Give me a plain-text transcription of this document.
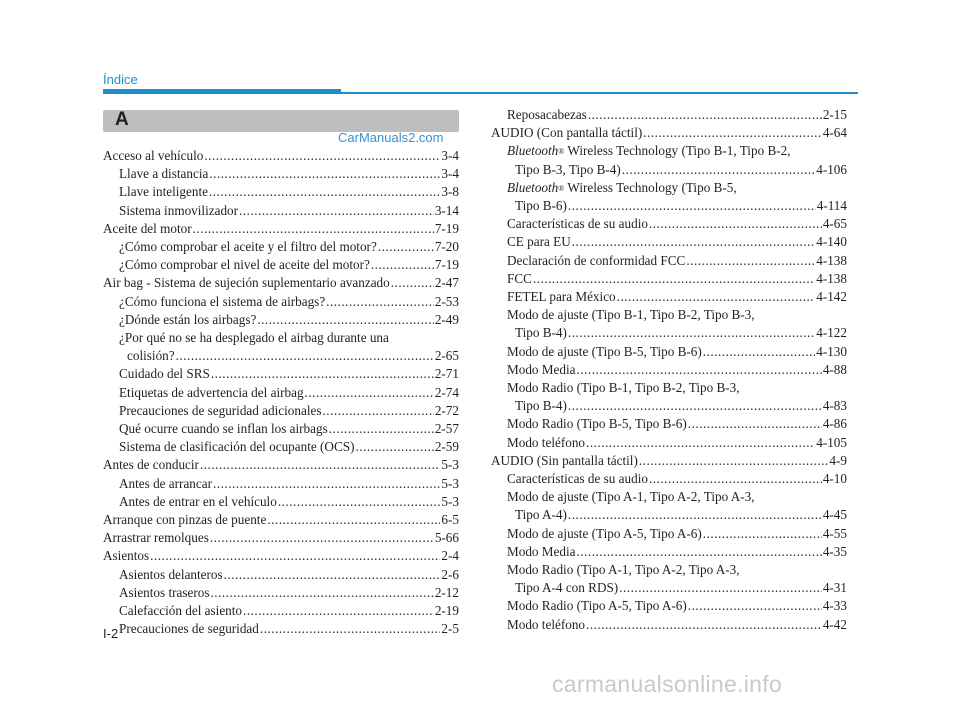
Índice
A
CarManuals2.com
Acceso al vehículo .....	3-4
Llave a distancia .....	3-4
Llave inteligente .....	3-8
Sistema inmovilizador .....	3-14
Aceite del motor .....	7-19
¿Cómo comprobar el aceite y el filtro del motor? .....	7-20
¿Cómo comprobar el nivel de aceite del motor? .....	7-19
Air bag - Sistema de sujeción suplementario avanzado .....	2-47
¿Cómo funciona el sistema de airbags? .....	2-53
¿Dónde están los airbags? .....	2-49
¿Por qué no se ha desplegado el airbag durante una
colisión? .....	2-65
Cuidado del SRS .....	2-71
Etiquetas de advertencia del airbag .....	2-74
Precauciones de seguridad adicionales .....	2-72
Qué ocurre cuando se inflan los airbags .....	2-57
Sistema de clasificación del ocupante (OCS) .....	2-59
Antes de conducir .....	5-3
Antes de arrancar .....	5-3
Antes de entrar en el vehículo .....	5-3
Arranque con pinzas de puente .....	6-5
Arrastrar remolques .....	5-66
Asientos .....	2-4
Asientos delanteros .....	2-6
Asientos traseros .....	2-12
Calefacción del asiento .....	2-19
Precauciones de seguridad .....	2-5
Reposacabezas .....	2-15
AUDIO (Con pantalla táctil) .....	4-64
Bluetooth® Wireless Technology (Tipo B-1, Tipo B-2,
Tipo B-3, Tipo B-4) .....	4-106
Bluetooth® Wireless Technology (Tipo B-5,
Tipo B-6) .....	4-114
Características de su audio .....	4-65
CE para EU .....	4-140
Declaración de conformidad FCC .....	4-138
FCC .....	4-138
FETEL para México .....	4-142
Modo de ajuste (Tipo B-1, Tipo B-2, Tipo B-3,
Tipo B-4) .....	4-122
Modo de ajuste (Tipo B-5, Tipo B-6) .....	4-130
Modo Media .....	4-88
Modo Radio (Tipo B-1, Tipo B-2, Tipo B-3,
Tipo B-4) .....	4-83
Modo Radio (Tipo B-5, Tipo B-6) .....	4-86
Modo teléfono .....	4-105
AUDIO (Sin pantalla táctil) .....	4-9
Características de su audio .....	4-10
Modo de ajuste (Tipo A-1, Tipo A-2, Tipo A-3,
Tipo A-4) .....	4-45
Modo de ajuste (Tipo A-5, Tipo A-6) .....	4-55
Modo Media .....	4-35
Modo Radio (Tipo A-1, Tipo A-2, Tipo A-3,
Tipo A-4 con RDS) .....	4-31
Modo Radio (Tipo A-5, Tipo A-6) .....	4-33
Modo teléfono .....	4-42
I-2
carmanualsonline.info
